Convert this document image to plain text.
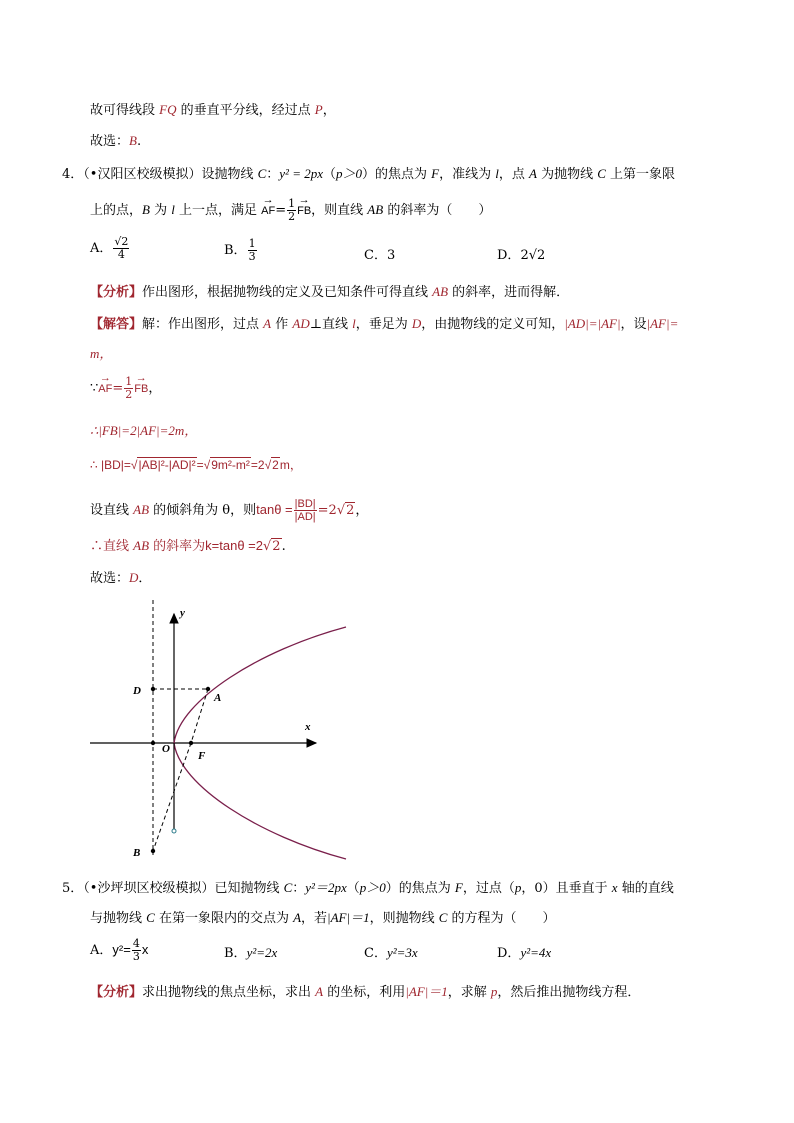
故可得线段 FQ 的垂直平分线，经过点 P，
故选：B.
4．（•汉阳区校级模拟）设抛物线 C：y² = 2px（p＞0）的焦点为 F，准线为 l，点 A 为抛物线 C 上第一象限
上的点，B 为 l 上一点，满足 → $AF= \frac{1}{2}$ → FB，则直线 AB 的斜率为（　　）
A． $\frac{√2}{4}$	B． $\frac{1}{3}$	C．3	D．2√2
【分析】作出图形，根据抛物线的定义及已知条件可得直线 AB 的斜率，进而得解．
【解答】解：作出图形，过点 A 作 AD⊥直线 l，垂足为 D，由抛物线的定义可知，|AD|=|AF|，设|AF|=
m，
∵→ $AF= \frac{1}{2}$ → FB，
∴|FB|=2|AF|=2m，
∴ |BD|=√|AB|²-|AD|²=√9m²-m²=2√2m，
设直线 AB 的倾斜角为 θ，则$\tan\theta = \frac{|BD|}{|AD|} =2√2$，
∴直线 AB 的斜率为k=tanθ =2√2.
故选：D．
y
x
D
A
O
F
B
5．（•沙坪坝区校级模拟）已知抛物线 C：y²＝2px（p＞0）的焦点为 F，过点（p，0）且垂直于 x 轴的直线
与抛物线 C 在第一象限内的交点为 A，若|AF|＝1，则抛物线 C 的方程为（　　）
A．$y^2= \frac{4}{3}$ x	B．y²=2x	C．y²=3x	D．y²=4x
【分析】求出抛物线的焦点坐标，求出 A 的坐标，利用|AF|＝1，求解 p，然后推出抛物线方程．
